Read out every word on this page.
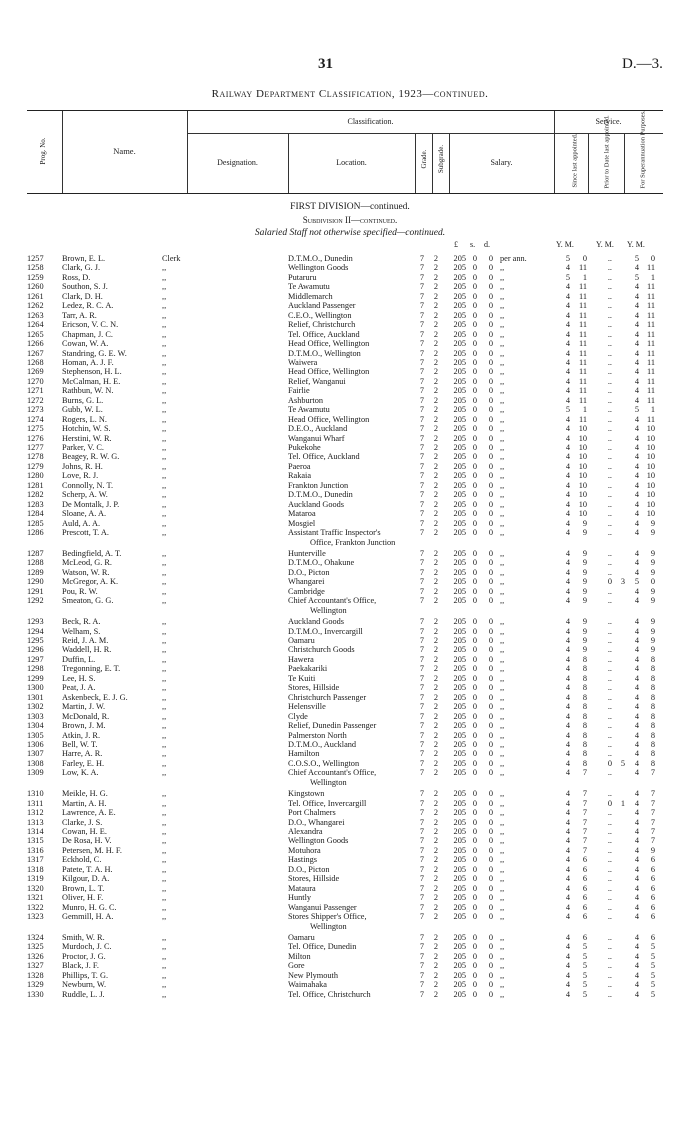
31	D.—3.
Railway Department Classification, 1923—continued.
Prog. No.	Name.
Classification.
Designation.	Location.	Grade. Subgrade.	Salary.
Service.
Since last appointed.	Prior to Date last appointed.	For Superannuation Purposes.
FIRST DIVISION—continued.
Subdivision II—continued.
Salaried Staff not otherwise specified—continued.
£ s. d.	Y. M.	Y. M. Y. M.
1257	Brown, E. L.	Clerk	D.T.M.O., Dunedin	7 2	205 0	0 per ann.	5	0	..	5	0
1258	Clark, G. J.	,,	Wellington Goods	7 2	205 0	0 ,,	4	11	..	4 11
1259	Ross, D.	,,	Putaruru	7 2	205 0	0 ,,	5	1	..	5	1
1260	Southon, S. J.	,,	Te Awamutu	7 2	205 0	0 ,,	4	11	..	4 11
1261	Clark, D. H.	,,	Middlemarch	7 2	205 0	0 ,,	4	11	..	4 11
1262	Ledez, R. C. A.	,,	Auckland Passenger	7 2	205 0	0 ,,	4	11	..	4 11
1263	Tarr, A. R.	,,	C.E.O., Wellington	7 2	205 0	0 ,,	4	11	..	4 11
1264	Ericson, V. C. N.	,,	Relief, Christchurch	7 2	205 0	0 ,,	4	11	..	4 11
1265	Chapman, J. C.	,,	Tel. Office, Auckland	7 2	205 0	0 ,,	4	11	..	4 11
1266	Cowan, W. A.	,,	Head Office, Wellington	7 2	205 0	0 ,,	4	11	..	4 11
1267	Standring, G. E. W.	,,	D.T.M.O., Wellington	7 2	205 0	0 ,,	4	11	..	4 11
1268	Homan, A. J. F.	,,	Waiwera	7 2	205 0	0 ,,	4	11	..	4 11
1269	Stephenson, H. L.	,,	Head Office, Wellington	7 2	205 0	0 ,,	4	11	..	4 11
1270	McCalman, H. E.	,,	Relief, Wanganui	7 2	205 0	0 ,,	4	11	..	4 11
1271	Rathbun, W. N.	,,	Fairlie	7 2	205 0	0 ,,	4	11	..	4 11
1272	Burns, G. L.	,,	Ashburton	7 2	205 0	0 ,,	4	11	..	4 11
1273	Gubb, W. L.	,,	Te Awamutu	7 2	205 0	0 ,,	5	1	..	5	1
1274	Rogers, L. N.	,,	Head Office, Wellington	7 2	205 0	0 ,,	4	11	..	4 11
1275	Hotchin, W. S.	,,	D.E.O., Auckland	7 2	205 0	0 ,,	4	10	..	4 10
1276	Herstini, W. R.	,,	Wanganui Wharf	7 2	205 0	0 ,,	4	10	..	4 10
1277	Parker, V. C.	,,	Pukekohe	7 2	205 0	0 ,,	4	10	..	4 10
1278	Beagey, R. W. G.	,,	Tel. Office, Auckland	7 2	205 0	0 ,,	4	10	..	4 10
1279	Johns, R. H.	,,	Paeroa	7 2	205 0	0 ,,	4	10	..	4 10
1280	Love, R. J.	,,	Rakaia	7 2	205 0	0 ,,	4	10	..	4 10
1281	Connolly, N. T.	,,	Frankton Junction	7 2	205 0	0 ,,	4	10	..	4 10
1282	Scherp, A. W.	,,	D.T.M.O., Dunedin	7 2	205 0	0 ,,	4	10	..	4 10
1283	De Montalk, J. P.	,,	Auckland Goods	7 2	205 0	0 ,,	4	10	..	4 10
1284	Sloane, A. A.	,,	Mataroa	7 2	205 0	0 ,,	4	10	..	4 10
1285	Auld, A. A.	,,	Mosgiel	7 2	205 0	0 ,,	4	9	..	4	9
1286	Prescott, T. A.	,,	Assistant Traffic Inspector's	7 2	205 0	0 ,,	4	9	..	4	9
Office, Frankton Junction
1287	Bedingfield, A. T.	,,	Hunterville	7 2	205 0	0 ,,	4	9	..	4	9
1288	McLeod, G. R.	,,	D.T.M.O., Ohakune	7 2	205 0	0 ,,	4	9	..	4	9
1289	Watson, W. R.	,,	D.O., Picton	7 2	205 0	0 ,,	4	9	..	4	9
1290	McGregor, A. K.	,,	Whangarei	7 2	205 0	0 ,,	4	9	0	3	5	0
1291	Pou, R. W.	,,	Cambridge	7 2	205 0	0 ,,	4	9	..	4	9
1292	Smeaton, G. G.	,,	Chief Accountant's Office,	7 2	205 0	0 ,,	4	9	..	4	9
Wellington
1293	Beck, R. A.	,,	Auckland Goods	7 2	205 0	0 ,,	4	9	..	4	9
1294	Welham, S.	,,	D.T.M.O., Invercargill	7 2	205 0	0 ,,	4	9	..	4	9
1295	Reid, J. A. M.	,,	Oamaru	7 2	205 0	0 ,,	4	9	..	4	9
1296	Waddell, H. R.	,,	Christchurch Goods	7 2	205 0	0 ,,	4	9	..	4	9
1297	Duffin, L.	,,	Hawera	7 2	205 0	0 ,,	4	8	..	4	8
1298	Tregonning, E. T.	,,	Paekakariki	7 2	205 0	0 ,,	4	8	..	4	8
1299	Lee, H. S.	,,	Te Kuiti	7 2	205 0	0 ,,	4	8	..	4	8
1300	Peat, J. A.	,,	Stores, Hillside	7 2	205 0	0 ,,	4	8	..	4	8
1301	Askenbeck, E. J. G.	,,	Christchurch Passenger	7 2	205 0	0 ,,	4	8	..	4	8
1302	Martin, J. W.	,,	Helensville	7 2	205 0	0 ,,	4	8	..	4	8
1303	McDonald, R.	,,	Clyde	7 2	205 0	0 ,,	4	8	..	4	8
1304	Brown, J. M.	,,	Relief, Dunedin Passenger	7 2	205 0	0 ,,	4	8	..	4	8
1305	Atkin, J. R.	,,	Palmerston North	7 2	205 0	0 ,,	4	8	..	4	8
1306	Bell, W. T.	,,	D.T.M.O., Auckland	7 2	205 0	0 ,,	4	8	..	4	8
1307	Harre, A. R.	,,	Hamilton	7 2	205 0	0 ,,	4	8	..	4	8
1308	Farley, E. H.	,,	C.O.S.O., Wellington	7 2	205 0	0 ,,	4	8	0	5	4	8
1309	Low, K. A.	,,	Chief Accountant's Office,	7 2	205 0	0 ,,	4	7	..	4	7
Wellington
1310	Meikle, H. G.	,,	Kingstown	7 2	205 0	0 ,,	4	7	..	4	7
1311	Martin, A. H.	,,	Tel. Office, Invercargill	7 2	205 0	0 ,,	4	7	0	1	4	7
1312	Lawrence, A. E.	,,	Port Chalmers	7 2	205 0	0 ,,	4	7	..	4	7
1313	Clarke, J. S.	,,	D.O., Whangarei	7 2	205 0	0 ,,	4	7	..	4	7
1314	Cowan, H. E.	,,	Alexandra	7 2	205 0	0 ,,	4	7	..	4	7
1315	De Rosa, H. V.	,,	Wellington Goods	7 2	205 0	0 ,,	4	7	..	4	7
1316	Petersen, M. H. F.	,,	Motuhora	7 2	205 0	0 ,,	4	7	..	4	9
1317	Eckhold, C.	,,	Hastings	7 2	205 0	0 ,,	4	6	..	4	6
1318	Patete, T. A. H.	,,	D.O., Picton	7 2	205 0	0 ,,	4	6	..	4	6
1319	Kilgour, D. A.	,,	Stores, Hillside	7 2	205 0	0 ,,	4	6	..	4	6
1320	Brown, L. T.	,,	Mataura	7 2	205 0	0 ,,	4	6	..	4	6
1321	Oliver, H. F.	,,	Huntly	7 2	205 0	0 ,,	4	6	..	4	6
1322	Munro, H. G. C.	,,	Wanganui Passenger	7 2	205 0	0 ,,	4	6	..	4	6
1323	Gemmill, H. A.	,,	Stores Shipper's Office,	7 2	205 0	0 ,,	4	6	..	4	6
Wellington
1324	Smith, W. R.	,,	Oamaru	7 2	205 0	0 ,,	4	6	..	4	6
1325	Murdoch, J. C.	,,	Tel. Office, Dunedin	7 2	205 0	0 ,,	4	5	..	4	5
1326	Proctor, J. G.	,,	Milton	7 2	205 0	0 ,,	4	5	..	4	5
1327	Black, J. F.	,,	Gore	7 2	205 0	0 ,,	4	5	..	4	5
1328	Phillips, T. G.	,,	New Plymouth	7 2	205 0	0 ,,	4	5	..	4	5
1329	Newburn, W.	,,	Waimahaka	7 2	205 0	0 ,,	4	5	..	4	5
1330	Ruddle, L. J.	,,	Tel. Office, Christchurch	7 2	205 0	0 ,,	4	5	..	4	5
